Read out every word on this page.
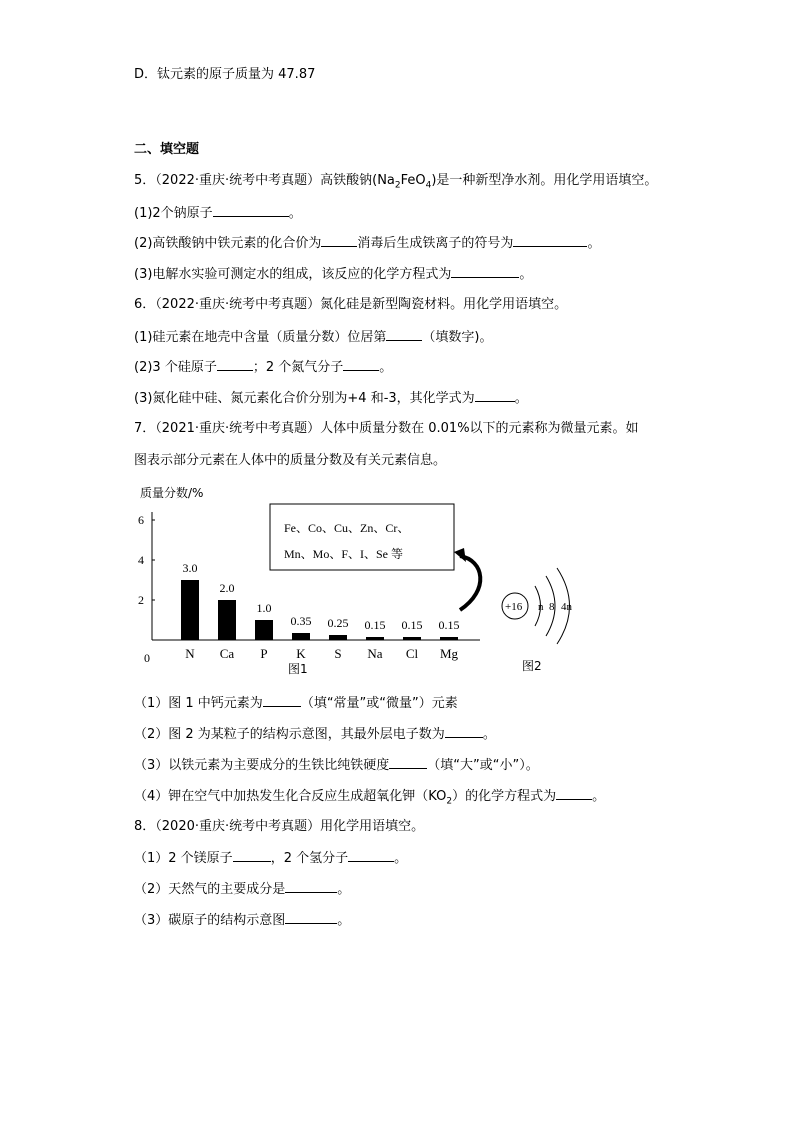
D．钛元素的原子质量为 47.87
二、填空题
5．（2022·重庆·统考中考真题）高铁酸钠$(Na_2FeO_4)$是一种新型净水剂。用化学用语填空。
(1)2个钠原子	。
(2)高铁酸钠中铁元素的化合价为	消毒后生成铁离子的符号为	。
(3)电解水实验可测定水的组成，该反应的化学方程式为	。
6．（2022·重庆·统考中考真题）氮化硅是新型陶瓷材料。用化学用语填空。
(1)硅元素在地壳中含量（质量分数）位居第	（填数字)。
(2)3 个硅原子	；2 个氮气分子	。
(3)氮化硅中硅、氮元素化合价分别为+4 和-3，其化学式为	。
7．（2021·重庆·统考中考真题）人体中质量分数在 0.01%以下的元素称为微量元素。如
图表示部分元素在人体中的质量分数及有关元素信息。
质量分数/%
0
2
4
6
3.0
N
2.0
Ca
1.0
P
0.35
K
0.25
S
0.15
Na
0.15
Cl
0.15
Mg
图1
Fe、Co、Cu、Zn、Cr、
Mn、Mo、F、I、Se 等
+16 n 8 4n
图2
（1）图 1 中钙元素为	（填“常量”或“微量”）元素
（2）图 2 为某粒子的结构示意图，其最外层电子数为	。
（3）以铁元素为主要成分的生铁比纯铁硬度	（填“大”或“小”）。
（4）钾在空气中加热发生化合反应生成超氧化钾$(KO_2)$的化学方程式为	。
8．（2020·重庆·统考中考真题）用化学用语填空。
（1）2 个镁原子	，2 个氢分子	。
（2）天然气的主要成分是	。
（3）碳原子的结构示意图	。
